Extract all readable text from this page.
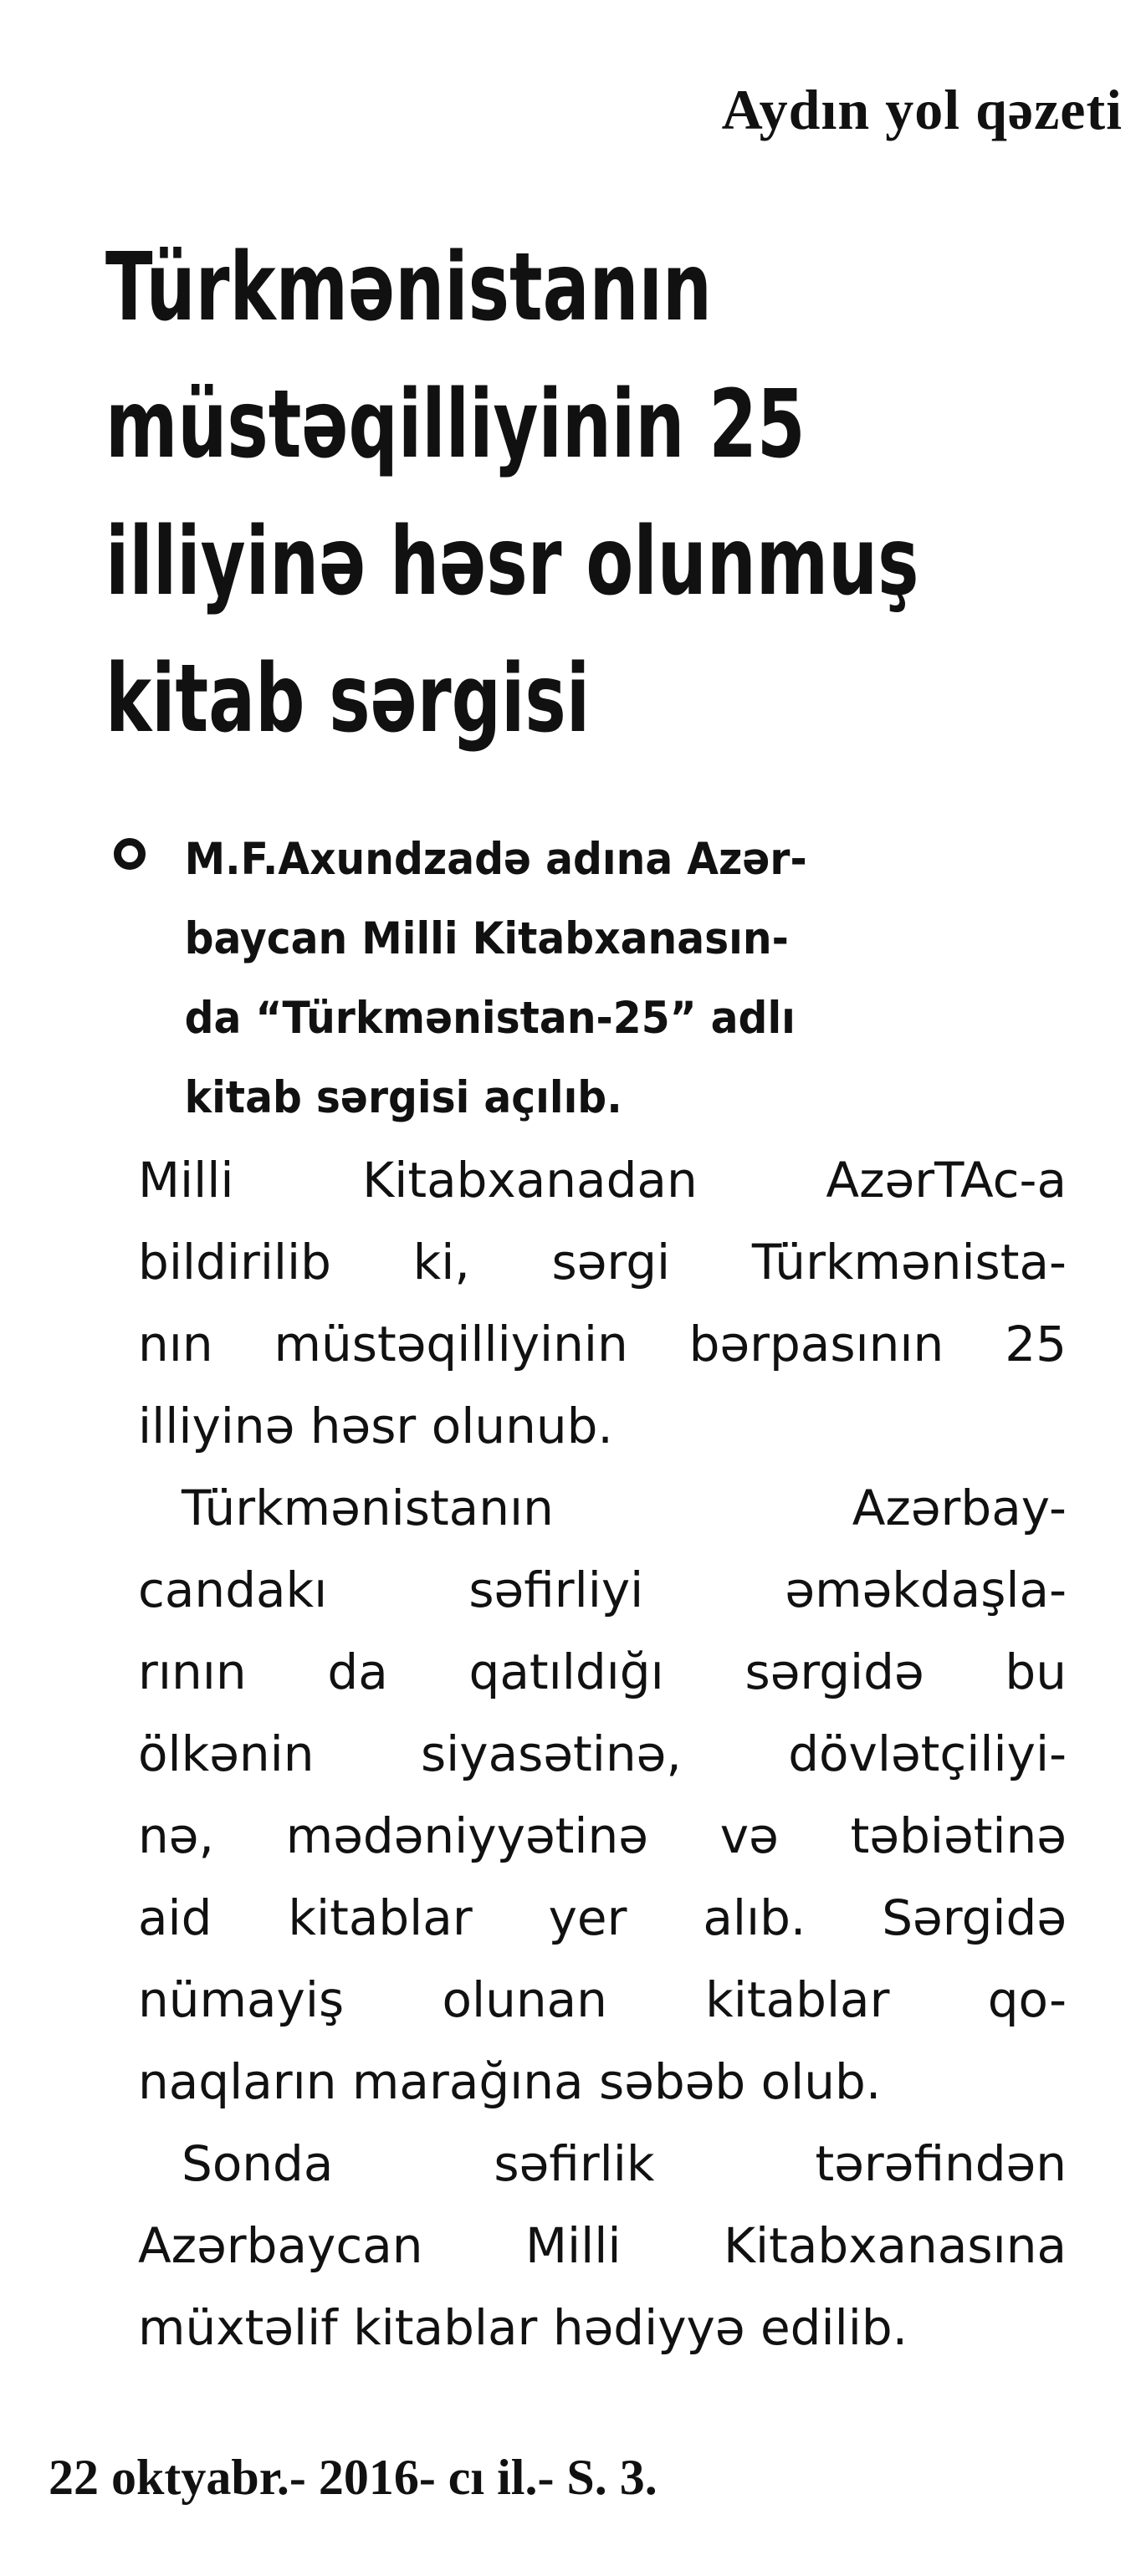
Aydın yol qəzeti

Türkmənistanın
müstəqilliyinin 25
illiyinə həsr olunmuş
kitab sərgisi

M.F.Axundzadə adına Azər-
baycan Milli Kitabxanasın-
da “Türkmənistan-25” adlı
kitab sərgisi açılıb.

Milli Kitabxanadan AzərTAc-a
bildirilib ki, sərgi Türkmənista-
nın müstəqilliyinin bərpasının 25
illiyinə həsr olunub.

Türkmənistanın Azərbay-
candakı səfirliyi əməkdaşla-
rının da qatıldığı sərgidə bu
ölkənin siyasətinə, dövlətçiliyi-
nə, mədəniyyətinə və təbiətinə
aid kitablar yer alıb. Sərgidə
nümayiş olunan kitablar qo-
naqların marağına səbəb olub.

Sonda səfirlik tərəfindən
Azərbaycan Milli Kitabxanasına
müxtəlif kitablar hədiyyə edilib.

22 oktyabr.- 2016- cı il.- S. 3.
